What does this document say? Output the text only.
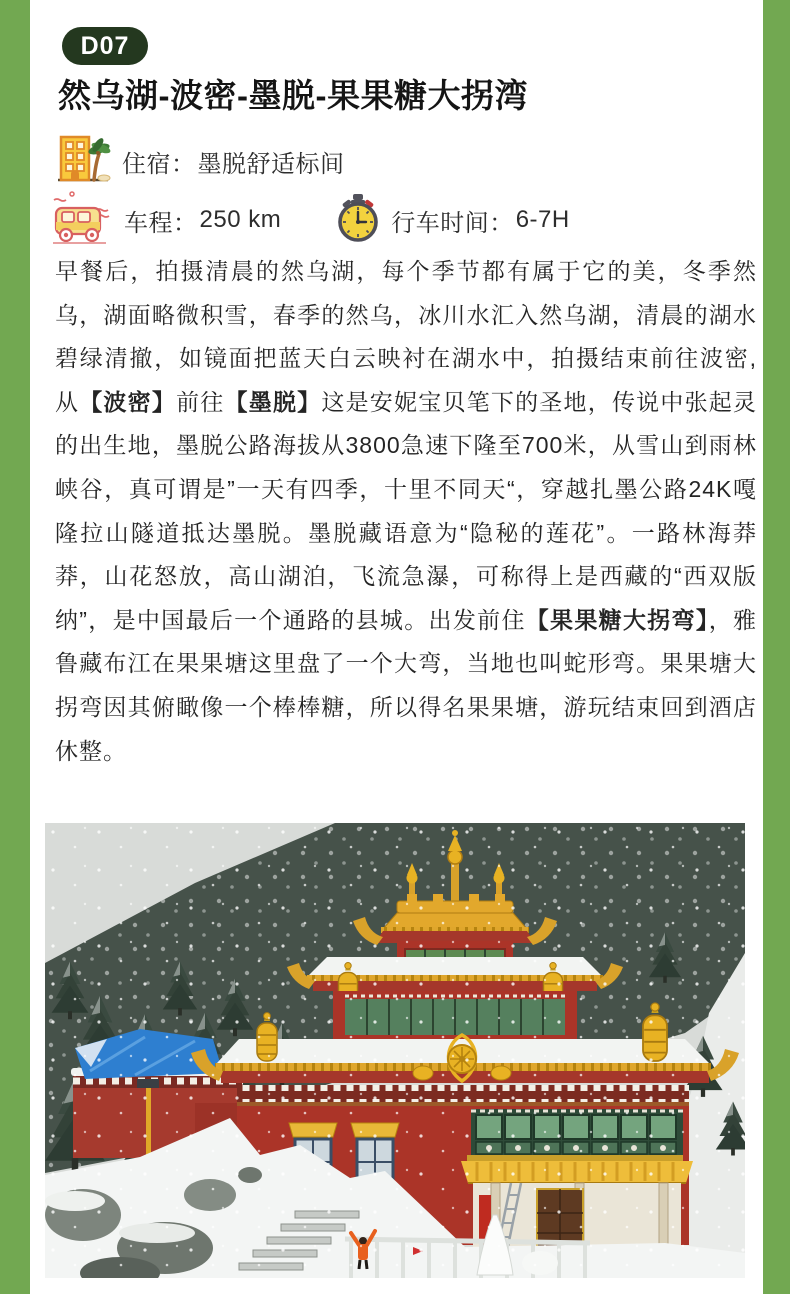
D07
然乌湖-波密-墨脱-果果糖大拐湾
住宿： 墨脱舒适标间
车程： 250 km	行车时间： 6-7H

早餐后，拍摄清晨的然乌湖，每个季节都有属于它的美，冬季然乌，湖面略微积雪，春季的然乌，冰川水汇入然乌湖，清晨的湖水碧绿清撤，如镜面把蓝天白云映衬在湖水中，拍摄结束前往波密,从【波密】前往【墨脱】这是安妮宝贝笔下的圣地，传说中张起灵的出生地，墨脱公路海拔从3800急速下隆至700米，从雪山到雨林峡谷，真可谓是”一天有四季，十里不同天“，穿越扎墨公路24K嘎隆拉山隧道抵达墨脱。墨脱藏语意为“隐秘的莲花”。一路林海莽莽，山花怒放，高山湖泊，飞流急瀑，可称得上是西藏的“西双版纳”，是中国最后一个通路的县城。出发前住【果果糖大拐弯】，雅鲁藏布江在果果塘这里盘了一个大弯，当地也叫蛇形弯。果果塘大拐弯因其俯瞰像一个棒棒糖，所以得名果果塘，游玩结束回到酒店休整。
